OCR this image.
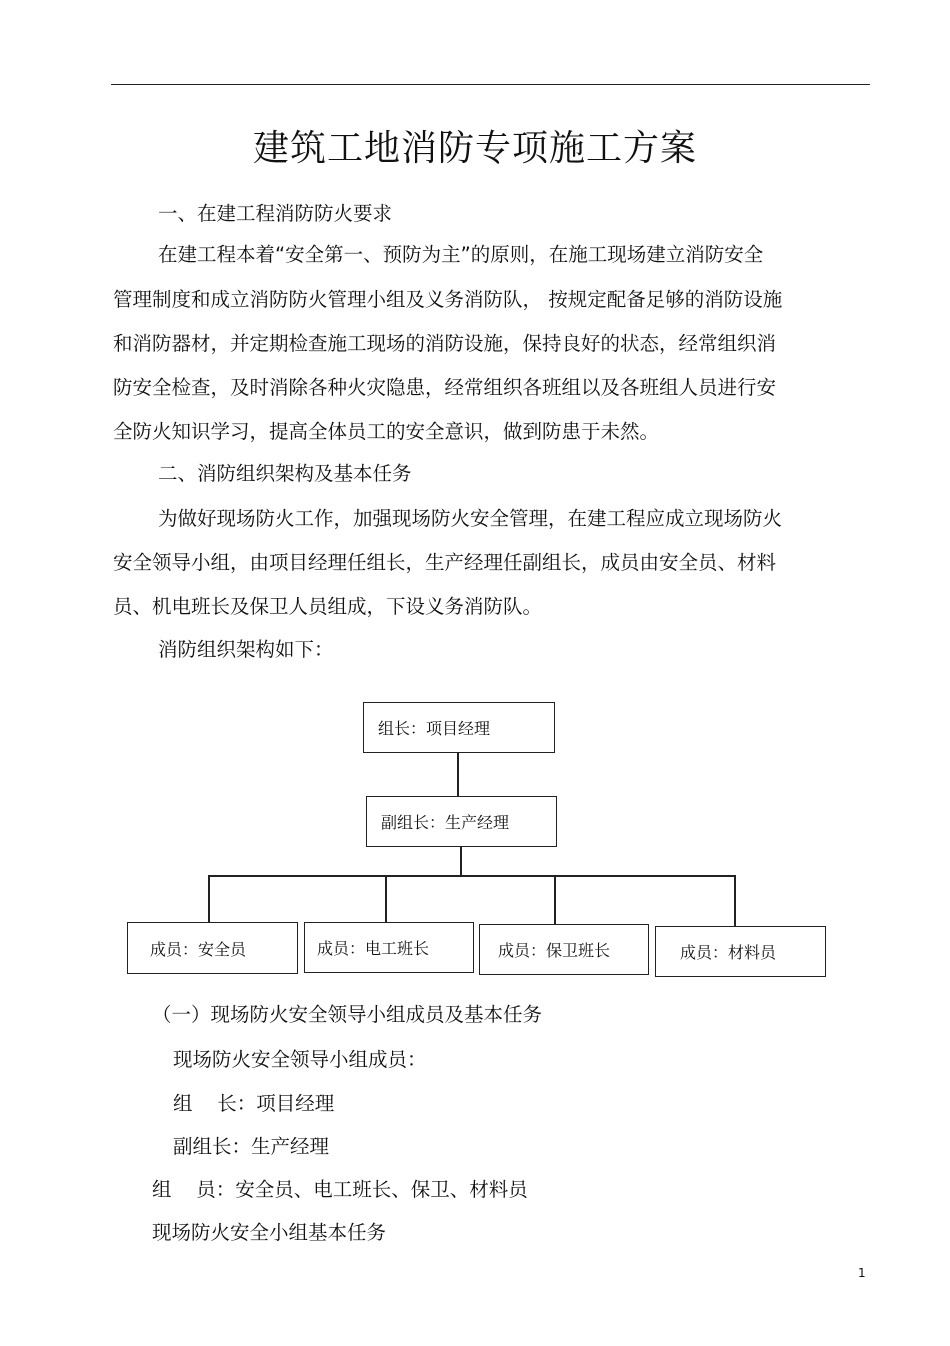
建筑工地消防专项施工方案
一、在建工程消防防火要求
在建工程本着“安全第一、预防为主”的原则，在施工现场建立消防安全
管理制度和成立消防防火管理小组及义务消防队， 按规定配备足够的消防设施
和消防器材，并定期检查施工现场的消防设施，保持良好的状态，经常组织消
防安全检查，及时消除各种火灾隐患，经常组织各班组以及各班组人员进行安
全防火知识学习，提高全体员工的安全意识，做到防患于未然。
二、消防组织架构及基本任务
为做好现场防火工作，加强现场防火安全管理，在建工程应成立现场防火
安全领导小组，由项目经理任组长，生产经理任副组长，成员由安全员、材料
员、机电班长及保卫人员组成，下设义务消防队。
消防组织架构如下：
组长：项目经理
副组长：生产经理
成员：安全员	成员：电工班长	成员：保卫班长	成员：材料员
（一）现场防火安全领导小组成员及基本任务
现场防火安全领导小组成员：
组    长：项目经理
副组长：生产经理
组    员：安全员、电工班长、保卫、材料员
现场防火安全小组基本任务
1
